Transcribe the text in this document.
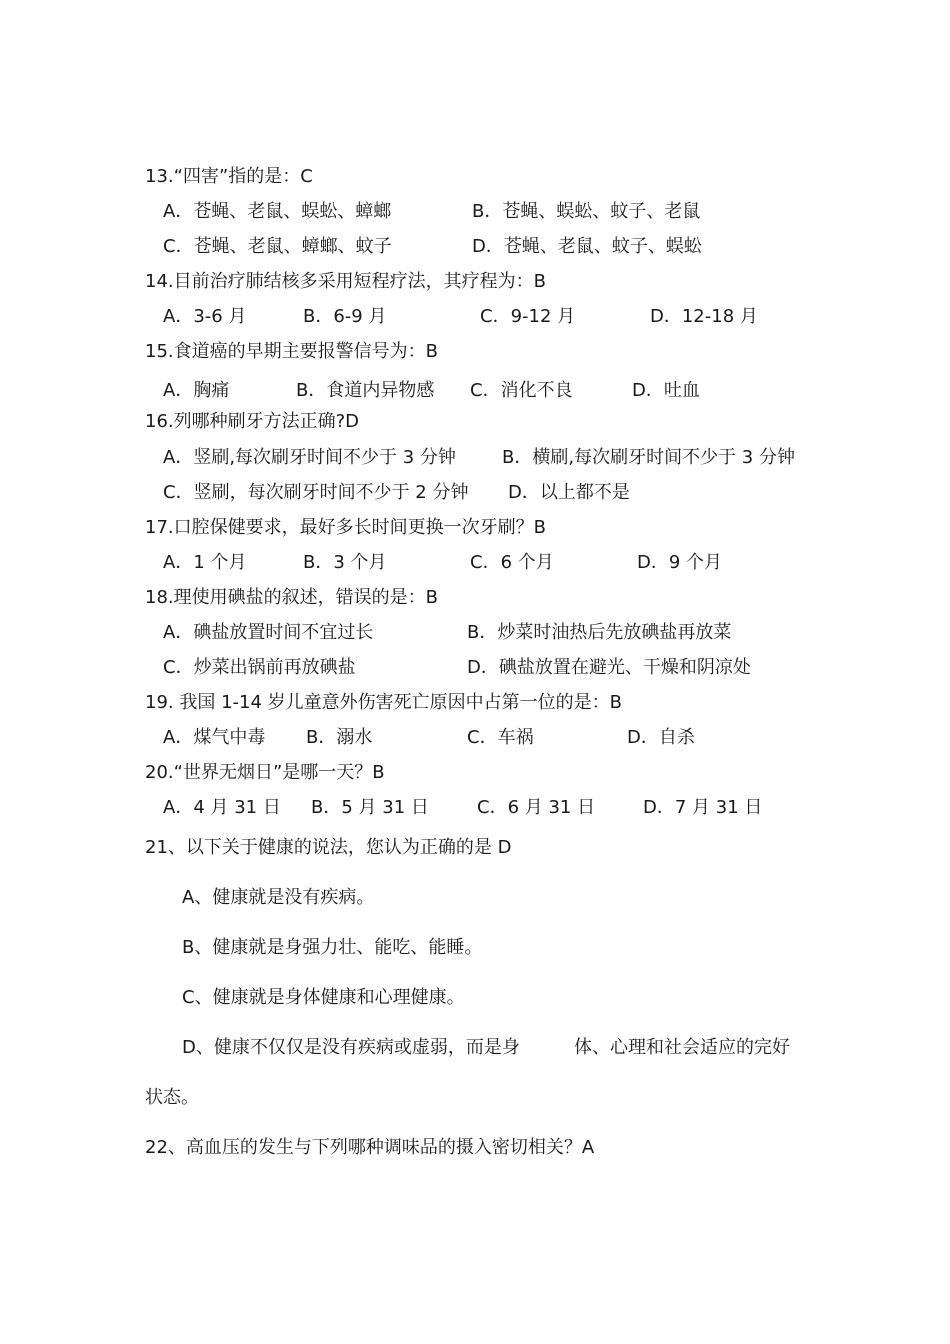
13.“四害”指的是：C
A．苍蝇、老鼠、蜈蚣、蟑螂	B．苍蝇、蜈蚣、蚊子、老鼠
C．苍蝇、老鼠、蟑螂、蚊子	D．苍蝇、老鼠、蚊子、蜈蚣
14.目前治疗肺结核多采用短程疗法，其疗程为：B
A．3-6 月	B．6-9 月	C．9-12 月	D．12-18 月
15.食道癌的早期主要报警信号为：B
A．胸痛	B．食道内异物感 C．消化不良	D．吐血
16.列哪种刷牙方法正确?D
A．竖刷,每次刷牙时间不少于 3 分钟	B．横刷,每次刷牙时间不少于 3 分钟
C．竖刷，每次刷牙时间不少于 2 分钟 D．以上都不是
17.口腔保健要求，最好多长时间更换一次牙刷？B
A．1 个月	B．3 个月	C．6 个月	D．9 个月
18.理使用碘盐的叙述，错误的是：B
A．碘盐放置时间不宜过长	B．炒菜时油热后先放碘盐再放菜
C．炒菜出锅前再放碘盐	D．碘盐放置在避光、干燥和阴凉处
19. 我国 1-14 岁儿童意外伤害死亡原因中占第一位的是：B
A．煤气中毒 B．溺水	C．车祸	D．自杀
20.“世界无烟日”是哪一天？B
A．4 月 31 日 B．5 月 31 日	C．6 月 31 日	D．7 月 31 日
21、以下关于健康的说法，您认为正确的是 D
A、健康就是没有疾病。
B、健康就是身强力壮、能吃、能睡。
C、健康就是身体健康和心理健康。
D、健康不仅仅是没有疾病或虚弱，而是身	体、心理和社会适应的完好
状态。
22、高血压的发生与下列哪种调味品的摄入密切相关？A
